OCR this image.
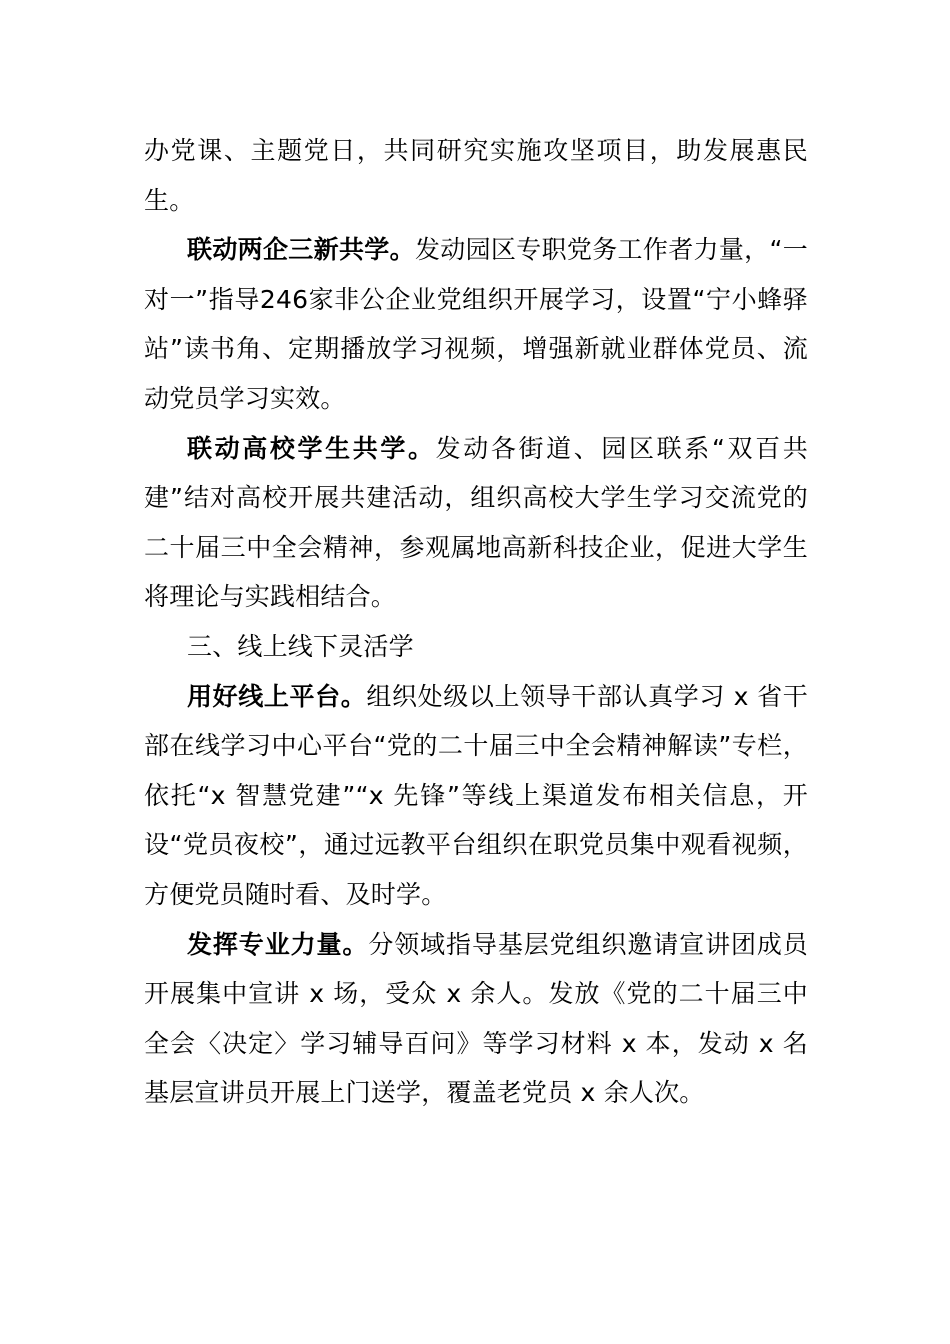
办党课、主题党日，共同研究实施攻坚项目，助发展惠民生。

联动两企三新共学。发动园区专职党务工作者力量，“一对一”指导246家非公企业党组织开展学习，设置“宁小蜂驿站”读书角、定期播放学习视频，增强新就业群体党员、流动党员学习实效。

联动高校学生共学。发动各街道、园区联系“双百共建”结对高校开展共建活动，组织高校大学生学习交流党的二十届三中全会精神，参观属地高新科技企业，促进大学生将理论与实践相结合。

三、线上线下灵活学

用好线上平台。组织处级以上领导干部认真学习 x 省干部在线学习中心平台“党的二十届三中全会精神解读”专栏，依托“x 智慧党建”“x 先锋”等线上渠道发布相关信息，开设“党员夜校”，通过远教平台组织在职党员集中观看视频，方便党员随时看、及时学。

发挥专业力量。分领域指导基层党组织邀请宣讲团成员开展集中宣讲 x 场，受众 x 余人。发放《党的二十届三中全会〈决定〉学习辅导百问》等学习材料 x 本，发动 x 名基层宣讲员开展上门送学，覆盖老党员 x 余人次。
